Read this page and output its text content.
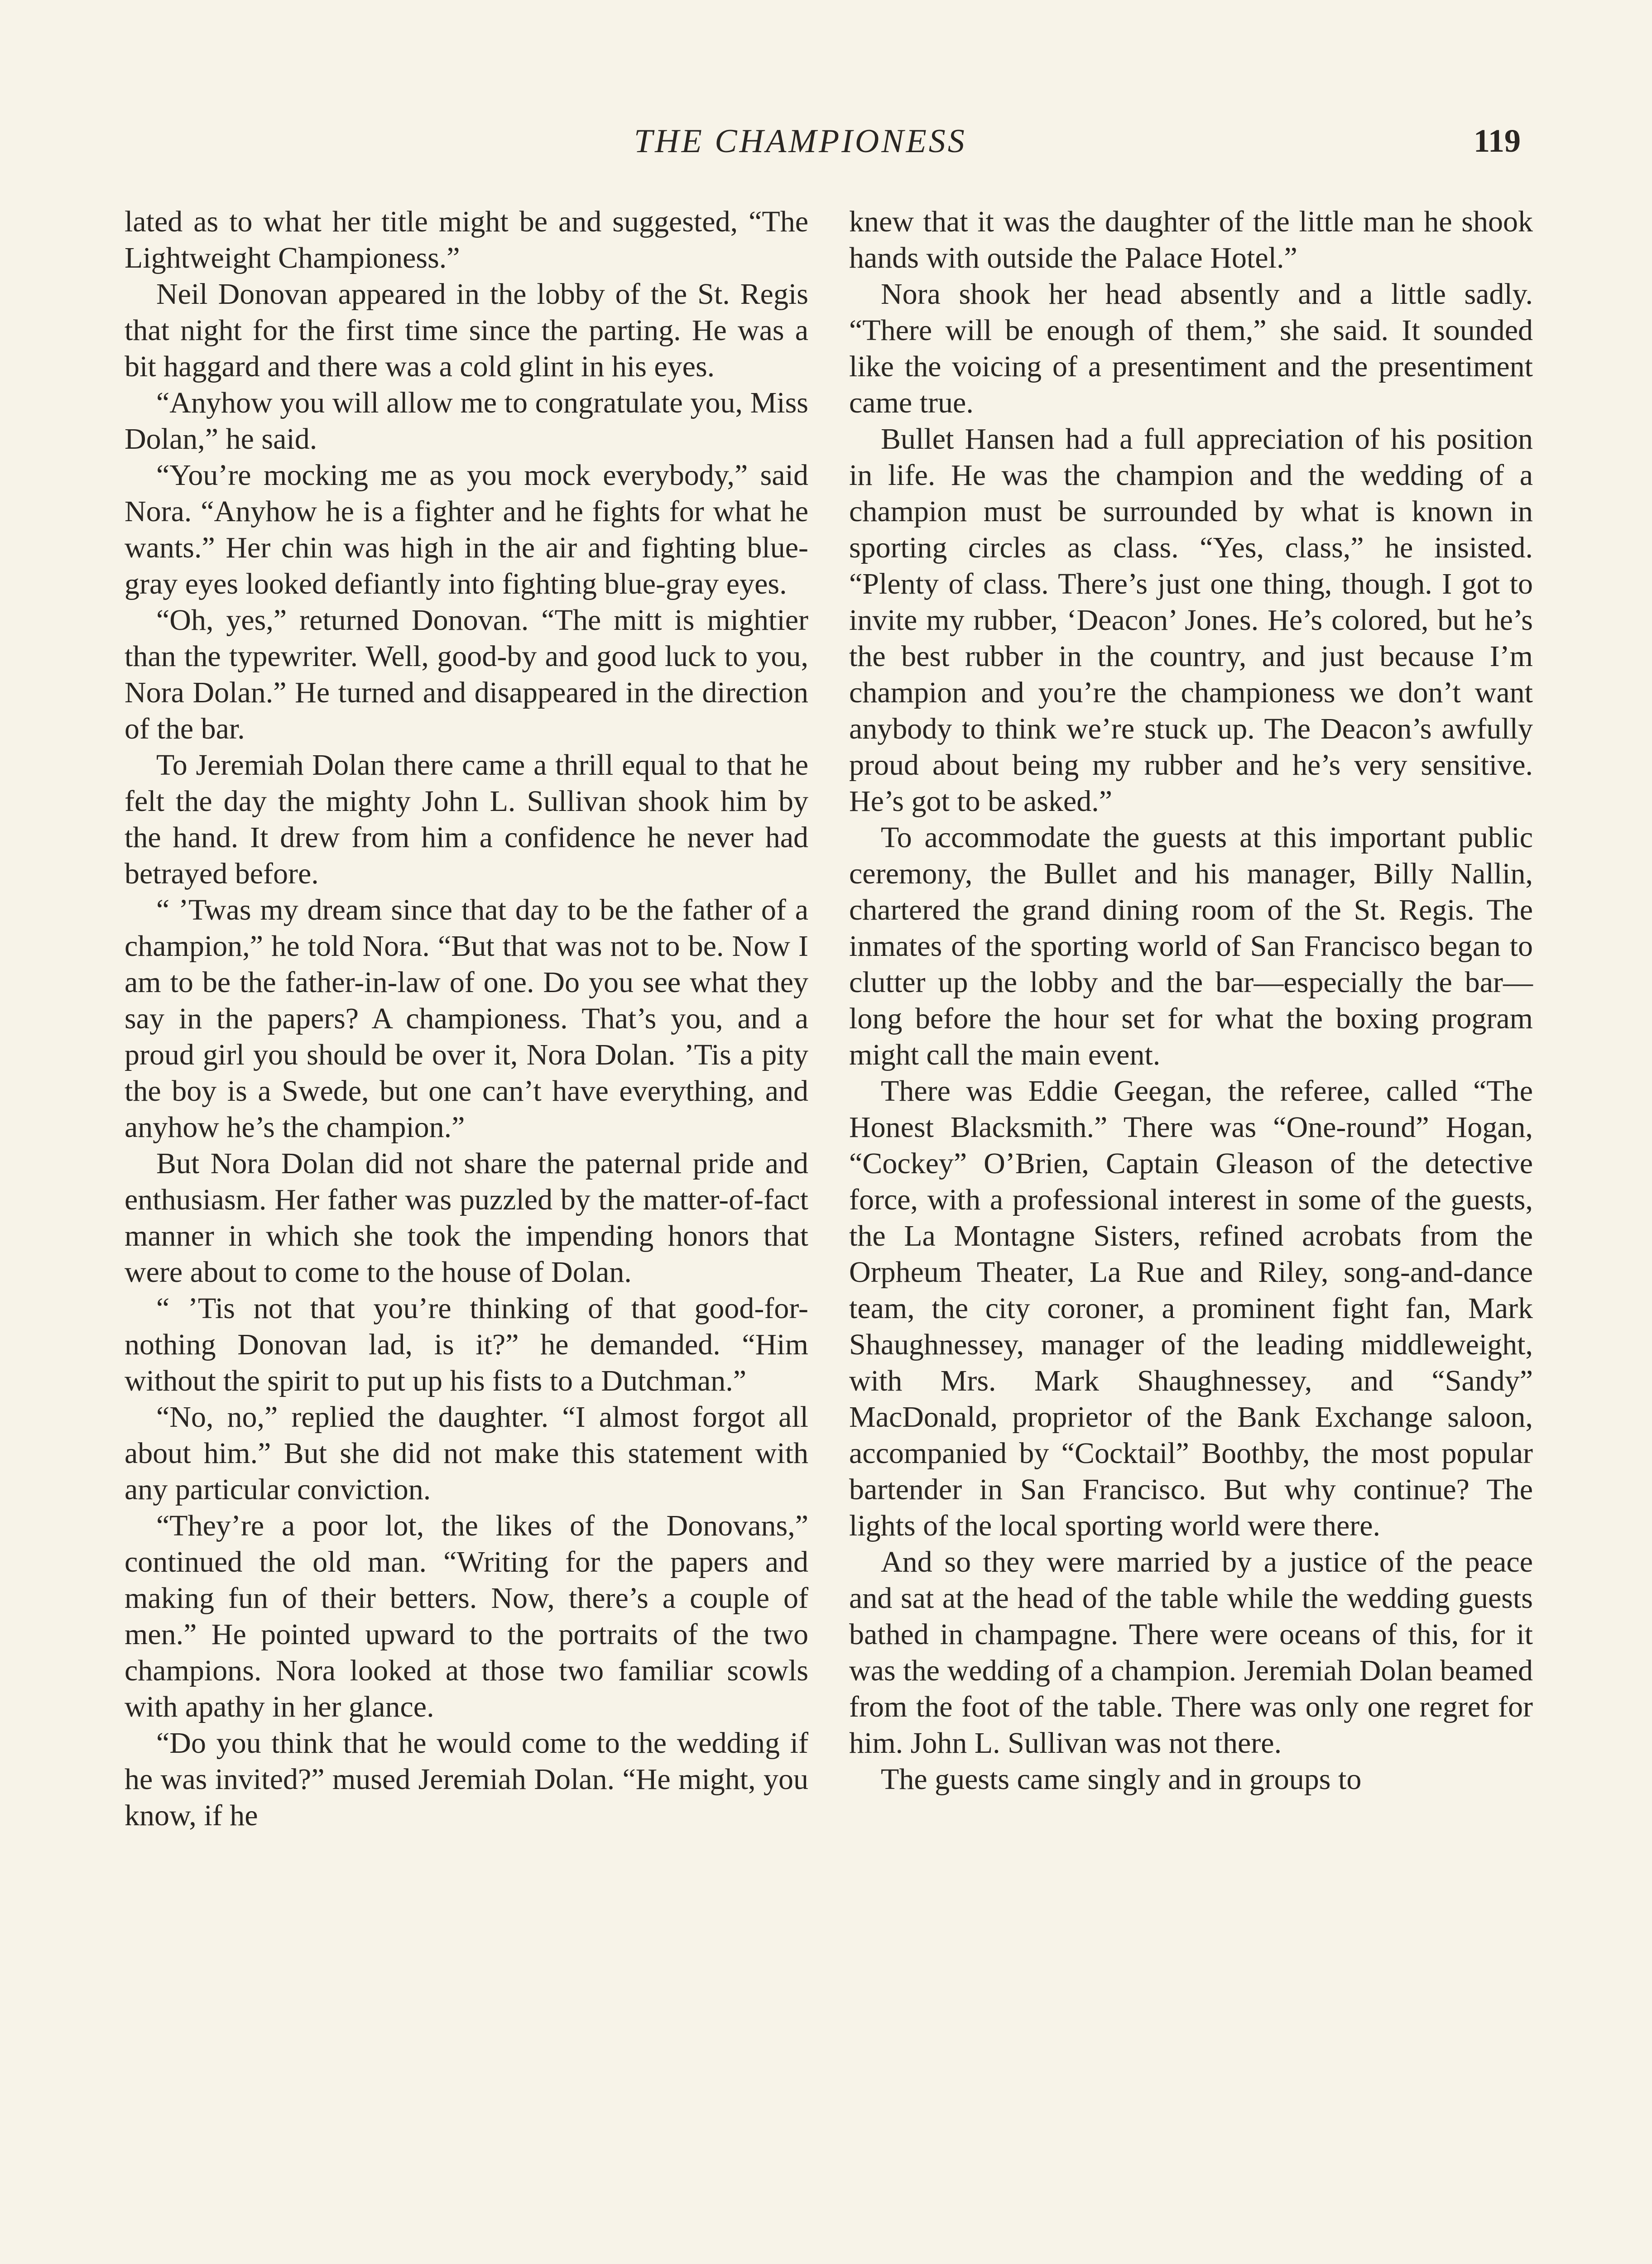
THE CHAMPIONESS	119

lated as to what her title might be and suggested, “The Lightweight Championess.”

Neil Donovan appeared in the lobby of the St. Regis that night for the first time since the parting. He was a bit haggard and there was a cold glint in his eyes.

“Anyhow you will allow me to congratulate you, Miss Dolan,” he said.

“You’re mocking me as you mock everybody,” said Nora. “Anyhow he is a fighter and he fights for what he wants.” Her chin was high in the air and fighting blue-gray eyes looked defiantly into fighting blue-gray eyes.

“Oh, yes,” returned Donovan. “The mitt is mightier than the typewriter. Well, good-by and good luck to you, Nora Dolan.” He turned and disappeared in the direction of the bar.

To Jeremiah Dolan there came a thrill equal to that he felt the day the mighty John L. Sullivan shook him by the hand. It drew from him a confidence he never had betrayed before.

“ ’Twas my dream since that day to be the father of a champion,” he told Nora. “But that was not to be. Now I am to be the father-in-law of one. Do you see what they say in the papers? A championess. That’s you, and a proud girl you should be over it, Nora Dolan. ’Tis a pity the boy is a Swede, but one can’t have everything, and anyhow he’s the champion.”

But Nora Dolan did not share the paternal pride and enthusiasm. Her father was puzzled by the matter-of-fact manner in which she took the impending honors that were about to come to the house of Dolan.

“ ’Tis not that you’re thinking of that good-for-nothing Donovan lad, is it?” he demanded. “Him without the spirit to put up his fists to a Dutchman.”

“No, no,” replied the daughter. “I almost forgot all about him.” But she did not make this statement with any particular conviction.

“They’re a poor lot, the likes of the Donovans,” continued the old man. “Writing for the papers and making fun of their betters. Now, there’s a couple of men.” He pointed upward to the portraits of the two champions. Nora looked at those two familiar scowls with apathy in her glance.

“Do you think that he would come to the wedding if he was invited?” mused Jeremiah Dolan. “He might, you know, if he

knew that it was the daughter of the little man he shook hands with outside the Palace Hotel.”

Nora shook her head absently and a little sadly. “There will be enough of them,” she said. It sounded like the voicing of a presentiment and the presentiment came true.

Bullet Hansen had a full appreciation of his position in life. He was the champion and the wedding of a champion must be surrounded by what is known in sporting circles as class. “Yes, class,” he insisted. “Plenty of class. There’s just one thing, though. I got to invite my rubber, ‘Deacon’ Jones. He’s colored, but he’s the best rubber in the country, and just because I’m champion and you’re the championess we don’t want anybody to think we’re stuck up. The Deacon’s awfully proud about being my rubber and he’s very sensitive. He’s got to be asked.”

To accommodate the guests at this important public ceremony, the Bullet and his manager, Billy Nallin, chartered the grand dining room of the St. Regis. The inmates of the sporting world of San Francisco began to clutter up the lobby and the bar—especially the bar—long before the hour set for what the boxing program might call the main event.

There was Eddie Geegan, the referee, called “The Honest Blacksmith.” There was “One-round” Hogan, “Cockey” O’Brien, Captain Gleason of the detective force, with a professional interest in some of the guests, the La Montagne Sisters, refined acrobats from the Orpheum Theater, La Rue and Riley, song-and-dance team, the city coroner, a prominent fight fan, Mark Shaughnessey, manager of the leading middleweight, with Mrs. Mark Shaughnessey, and “Sandy” MacDonald, proprietor of the Bank Exchange saloon, accompanied by “Cocktail” Boothby, the most popular bartender in San Francisco. But why continue? The lights of the local sporting world were there.

And so they were married by a justice of the peace and sat at the head of the table while the wedding guests bathed in champagne. There were oceans of this, for it was the wedding of a champion. Jeremiah Dolan beamed from the foot of the table. There was only one regret for him. John L. Sullivan was not there.

The guests came singly and in groups to
